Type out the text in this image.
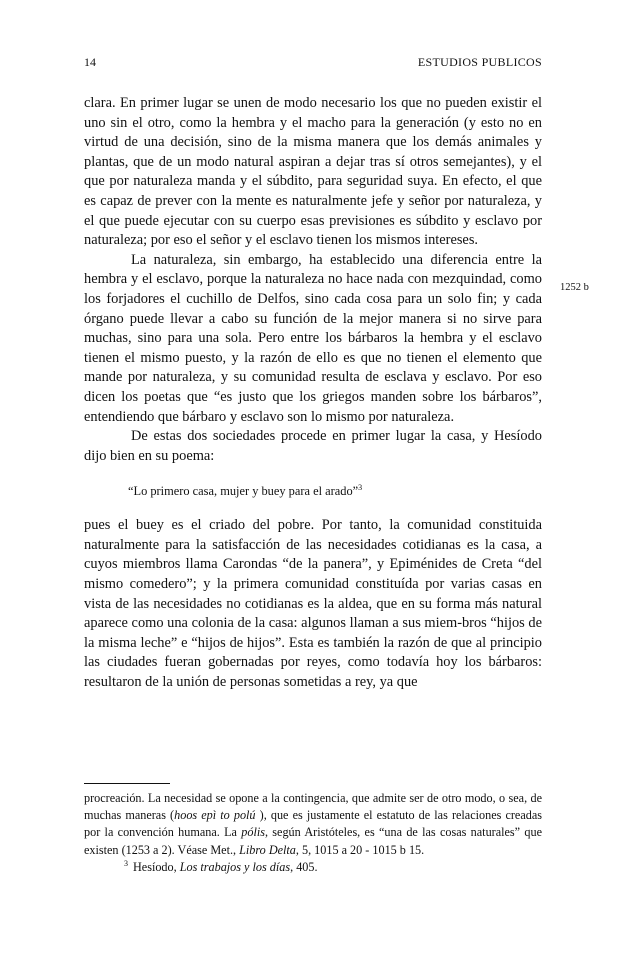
14	ESTUDIOS PUBLICOS

clara. En primer lugar se unen de modo necesario los que no pueden existir el uno sin el otro, como la hembra y el macho para la generación (y esto no en virtud de una decisión, sino de la misma manera que los demás animales y plantas, que de un modo natural aspiran a dejar tras sí otros semejantes), y el que por naturaleza manda y el súbdito, para seguridad suya. En efecto, el que es capaz de prever con la mente es naturalmente jefe y señor por naturaleza, y el que puede ejecutar con su cuerpo esas previsiones es súbdito y esclavo por naturaleza; por eso el señor y el esclavo tienen los mismos intereses.

La naturaleza, sin embargo, ha establecido una diferencia entre la hembra y el esclavo, porque la naturaleza no hace nada con mezquindad, como los forjadores el cuchillo de Delfos, sino cada cosa para un solo fin; y cada órgano puede llevar a cabo su función de la mejor manera si no sirve para muchas, sino para una sola. Pero entre los bárbaros la hembra y el esclavo tienen el mismo puesto, y la razón de ello es que no tienen el elemento que mande por naturaleza, y su comunidad resulta de esclava y esclavo. Por eso dicen los poetas que “es justo que los griegos manden sobre los bárbaros”, entendiendo que bárbaro y esclavo son lo mismo por naturaleza.

De estas dos sociedades procede en primer lugar la casa, y Hesíodo dijo bien en su poema:

“Lo primero casa, mujer y buey para el arado”$^3$

pues el buey es el criado del pobre. Por tanto, la comunidad constituida naturalmente para la satisfacción de las necesidades cotidianas es la casa, a cuyos miembros llama Carondas “de la panera”, y Epiménides de Creta “del mismo comedero”; y la primera comunidad constituída por varias casas en vista de las necesidades no cotidianas es la aldea, que en su forma más natural aparece como una colonia de la casa: algunos llaman a sus miem-bros “hijos de la misma leche” e “hijos de hijos”. Esta es también la razón de que al principio las ciudades fueran gobernadas por reyes, como todavía hoy los bárbaros: resultaron de la unión de personas sometidas a rey, ya que

1252 b

procreación. La necesidad se opone a la contingencia, que admite ser de otro modo, o sea, de muchas maneras (hoos epì to polú ), que es justamente el estatuto de las relaciones creadas por la convención humana. La pólis, según Aristóteles, es “una de las cosas naturales” que existen (1253 a 2). Véase Met., Libro Delta, 5, 1015 a 20 - 1015 b 15.

$^3$ Hesíodo, Los trabajos y los días, 405.
